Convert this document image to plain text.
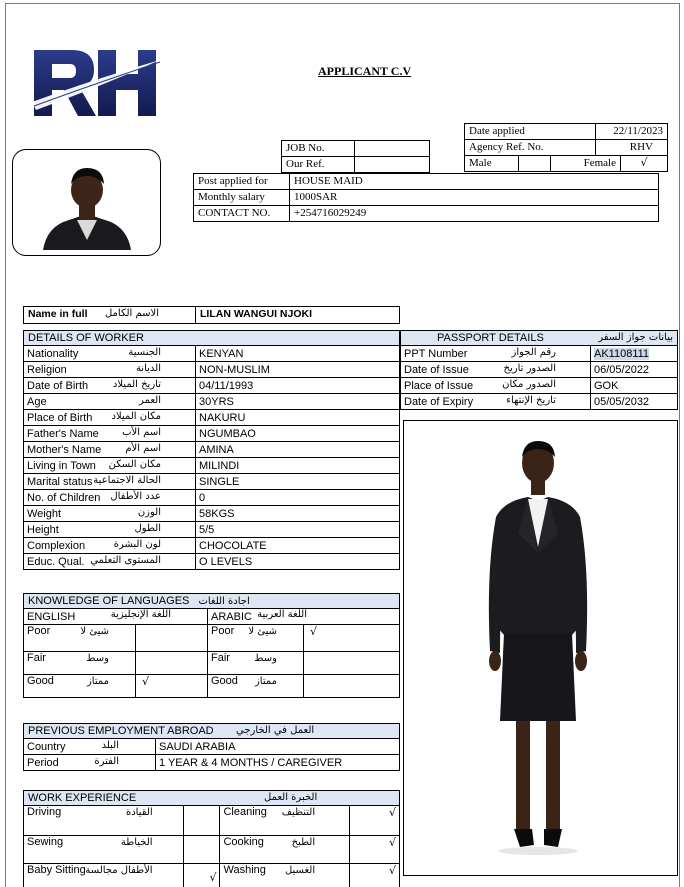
APPLICANT C.V
Date applied	22/11/2023
Agency Ref. No.	RHV
Male	Female	√
JOB No.
Our Ref.
Post applied for	HOUSE MAID
Monthly salary	1000SAR
CONTACT NO.	+254716029249
Name in full الاسم الكامل	LILAN WANGUI NJOKI
DETAILS OF WORKER
Nationality الجنسية	KENYAN
Religion الديانة	NON-MUSLIM
Date of Birth تاريخ الميلاد	04/11/1993
Age العمر	30YRS
Place of Birth مكان الميلاد	NAKURU
Father's Name اسم الأب	NGUMBAO
Mother's Name اسم الأم	AMINA
Living in Town مكان السكن	MILINDI
Marital status الحالة الاجتماعية	SINGLE
No. of Children عدد الأطفال	0
Weight الوزن	58KGS
Height الطول	5/5
Complexion لون البشرة	CHOCOLATE
Educ. Qual. المستوى التعلمي	O LEVELS
PASSPORT DETAILS	بيانات جواز السفر
PPT Number رقم الجواز	AK1108111
Date of Issue الصدور تاريخ	06/05/2022
Place of Issue الصدور مكان	GOK
Date of Expiry تاريخ الإنتهاء	05/05/2032
KNOWLEDGE OF LANGUAGES اجادة اللغات
ENGLISH اللغة الإنجليزية		ARABIC اللغة العربية	

Poor شيئ لا		Poor شيئ لا	√
Fair وسط		Fair وسط	

Good ممتاز	√	Good ممتاز	

PREVIOUS EMPLOYMENT ABROAD العمل في الخارجي
Country البلد	SAUDI ARABIA
Period الفترة	1 YEAR & 4 MONTHS / CAREGIVER
WORK EXPERIENCE	الخبرة العمل
Driving القيادة		Cleaning التنظيف	√
Sewing الخياطة		Cooking الطبخ	√
Baby Sitting الأطفال مجالسة	√	Washing الغسيل	√
